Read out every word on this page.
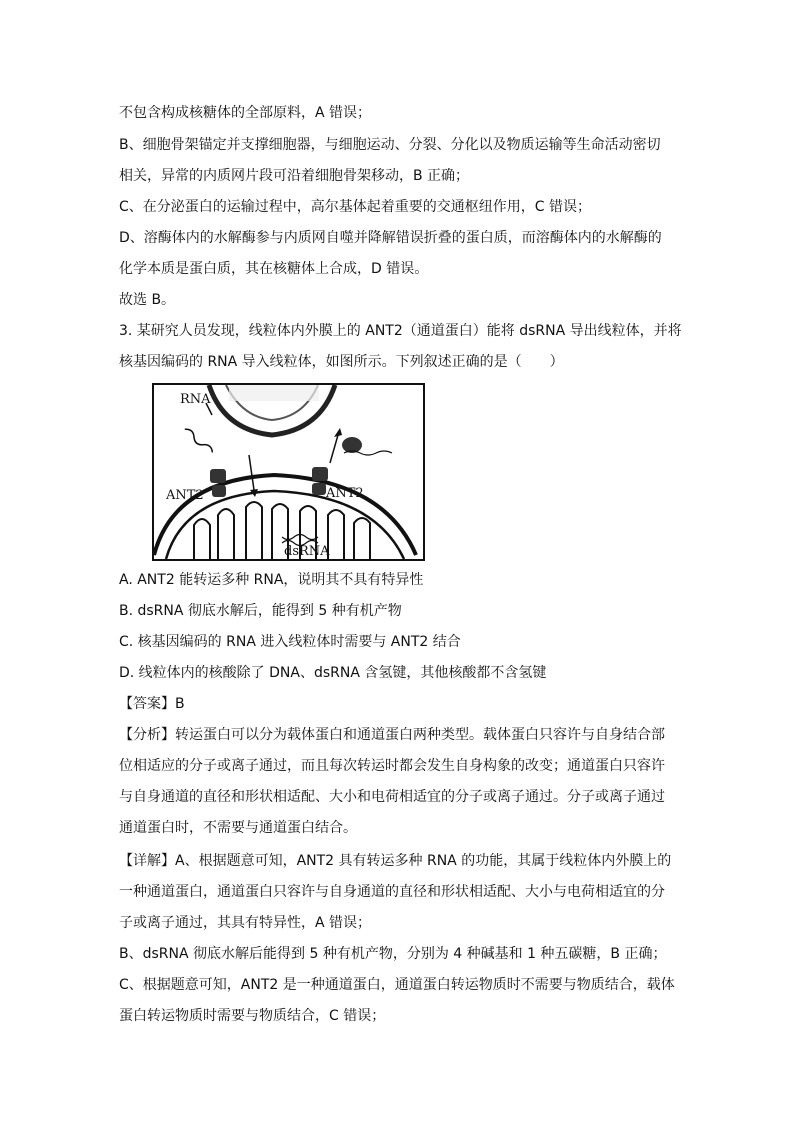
不包含构成核糖体的全部原料，A 错误；
B、细胞骨架锚定并支撑细胞器，与细胞运动、分裂、分化以及物质运输等生命活动密切
相关，异常的内质网片段可沿着细胞骨架移动，B 正确；
C、在分泌蛋白的运输过程中，高尔基体起着重要的交通枢纽作用，C 错误；
D、溶酶体内的水解酶参与内质网自噬并降解错误折叠的蛋白质，而溶酶体内的水解酶的
化学本质是蛋白质，其在核糖体上合成，D 错误。
故选 B。
3. 某研究人员发现，线粒体内外膜上的 ANT2（通道蛋白）能将 dsRNA 导出线粒体，并将
核基因编码的 RNA 导入线粒体，如图所示。下列叙述正确的是（　　）
RNA
ANT2	ANT2
dsRNA
A. ANT2 能转运多种 RNA，说明其不具有特异性
B. dsRNA 彻底水解后，能得到 5 种有机产物
C. 核基因编码的 RNA 进入线粒体时需要与 ANT2 结合
D. 线粒体内的核酸除了 DNA、dsRNA 含氢键，其他核酸都不含氢键
【答案】B
【分析】转运蛋白可以分为载体蛋白和通道蛋白两种类型。载体蛋白只容许与自身结合部
位相适应的分子或离子通过，而且每次转运时都会发生自身构象的改变；通道蛋白只容许
与自身通道的直径和形状相适配、大小和电荷相适宜的分子或离子通过。分子或离子通过
通道蛋白时，不需要与通道蛋白结合。
【详解】A、根据题意可知，ANT2 具有转运多种 RNA 的功能，其属于线粒体内外膜上的
一种通道蛋白，通道蛋白只容许与自身通道的直径和形状相适配、大小与电荷相适宜的分
子或离子通过，其具有特异性，A 错误；
B、dsRNA 彻底水解后能得到 5 种有机产物，分别为 4 种碱基和 1 种五碳糖，B 正确；
C、根据题意可知，ANT2 是一种通道蛋白，通道蛋白转运物质时不需要与物质结合，载体
蛋白转运物质时需要与物质结合，C 错误；
